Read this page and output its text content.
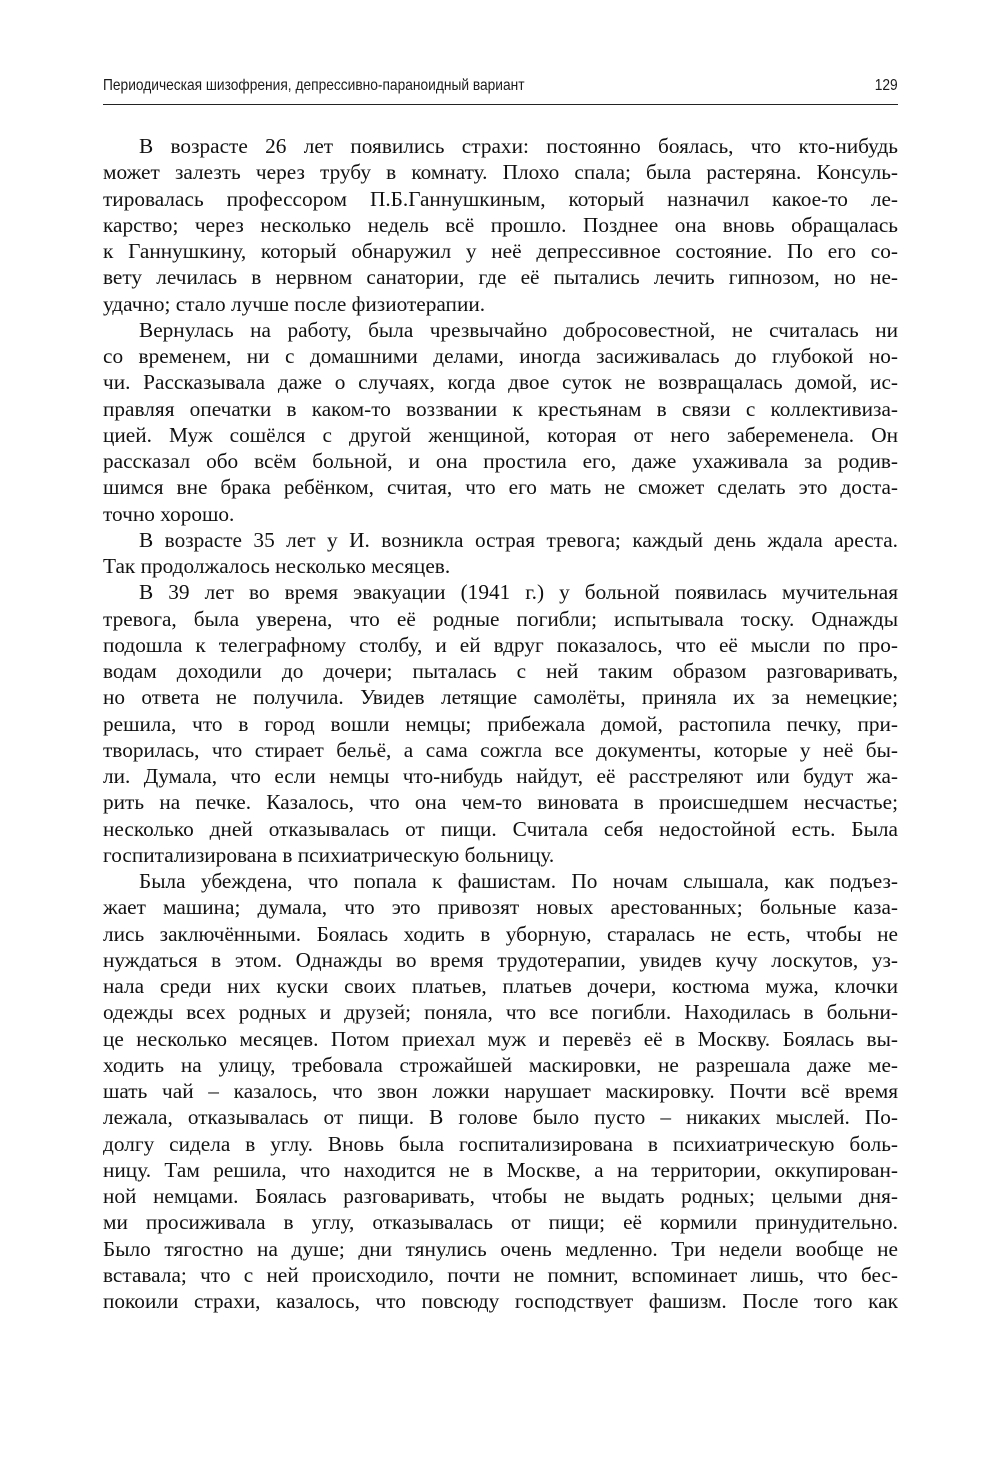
Периодическая шизофрения, депрессивно-параноидный вариант	129
В возрасте 26 лет появились страхи: постоянно боялась, что кто-нибудь
может залезть через трубу в комнату. Плохо спала; была растеряна. Консуль-
тировалась профессором П.Б.Ганнушкиным, который назначил какое-то ле-
карство; через несколько недель всё прошло. Позднее она вновь обращалась
к Ганнушкину, который обнаружил у неё депрессивное состояние. По его со-
вету лечилась в нервном санатории, где её пытались лечить гипнозом, но не-
удачно; стало лучше после физиотерапии.
Вернулась на работу, была чрезвычайно добросовестной, не считалась ни
со временем, ни с домашними делами, иногда засиживалась до глубокой но-
чи. Рассказывала даже о случаях, когда двое суток не возвращалась домой, ис-
правляя опечатки в каком-то воззвании к крестьянам в связи с коллективиза-
цией. Муж сошёлся с другой женщиной, которая от него забеременела. Он
рассказал обо всём больной, и она простила его, даже ухаживала за родив-
шимся вне брака ребёнком, считая, что его мать не сможет сделать это доста-
точно хорошо.
В возрасте 35 лет у И. возникла острая тревога; каждый день ждала ареста.
Так продолжалось несколько месяцев.
В 39 лет во время эвакуации (1941 г.) у больной появилась мучительная
тревога, была уверена, что её родные погибли; испытывала тоску. Однажды
подошла к телеграфному столбу, и ей вдруг показалось, что её мысли по про-
водам доходили до дочери; пыталась с ней таким образом разговаривать,
но ответа не получила. Увидев летящие самолёты, приняла их за немецкие;
решила, что в город вошли немцы; прибежала домой, растопила печку, при-
творилась, что стирает бельё, а сама сожгла все документы, которые у неё бы-
ли. Думала, что если немцы что-нибудь найдут, её расстреляют или будут жа-
рить на печке. Казалось, что она чем-то виновата в происшедшем несчастье;
несколько дней отказывалась от пищи. Считала себя недостойной есть. Была
госпитализирована в психиатрическую больницу.
Была убеждена, что попала к фашистам. По ночам слышала, как подъез-
жает машина; думала, что это привозят новых арестованных; больные каза-
лись заключёнными. Боялась ходить в уборную, старалась не есть, чтобы не
нуждаться в этом. Однажды во время трудотерапии, увидев кучу лоскутов, уз-
нала среди них куски своих платьев, платьев дочери, костюма мужа, клочки
одежды всех родных и друзей; поняла, что все погибли. Находилась в больни-
це несколько месяцев. Потом приехал муж и перевёз её в Москву. Боялась вы-
ходить на улицу, требовала строжайшей маскировки, не разрешала даже ме-
шать чай – казалось, что звон ложки нарушает маскировку. Почти всё время
лежала, отказывалась от пищи. В голове было пусто – никаких мыслей. По-
долгу сидела в углу. Вновь была госпитализирована в психиатрическую боль-
ницу. Там решила, что находится не в Москве, а на территории, оккупирован-
ной немцами. Боялась разговаривать, чтобы не выдать родных; целыми дня-
ми просиживала в углу, отказывалась от пищи; её кормили принудительно.
Было тягостно на душе; дни тянулись очень медленно. Три недели вообще не
вставала; что с ней происходило, почти не помнит, вспоминает лишь, что бес-
покоили страхи, казалось, что повсюду господствует фашизм. После того как
